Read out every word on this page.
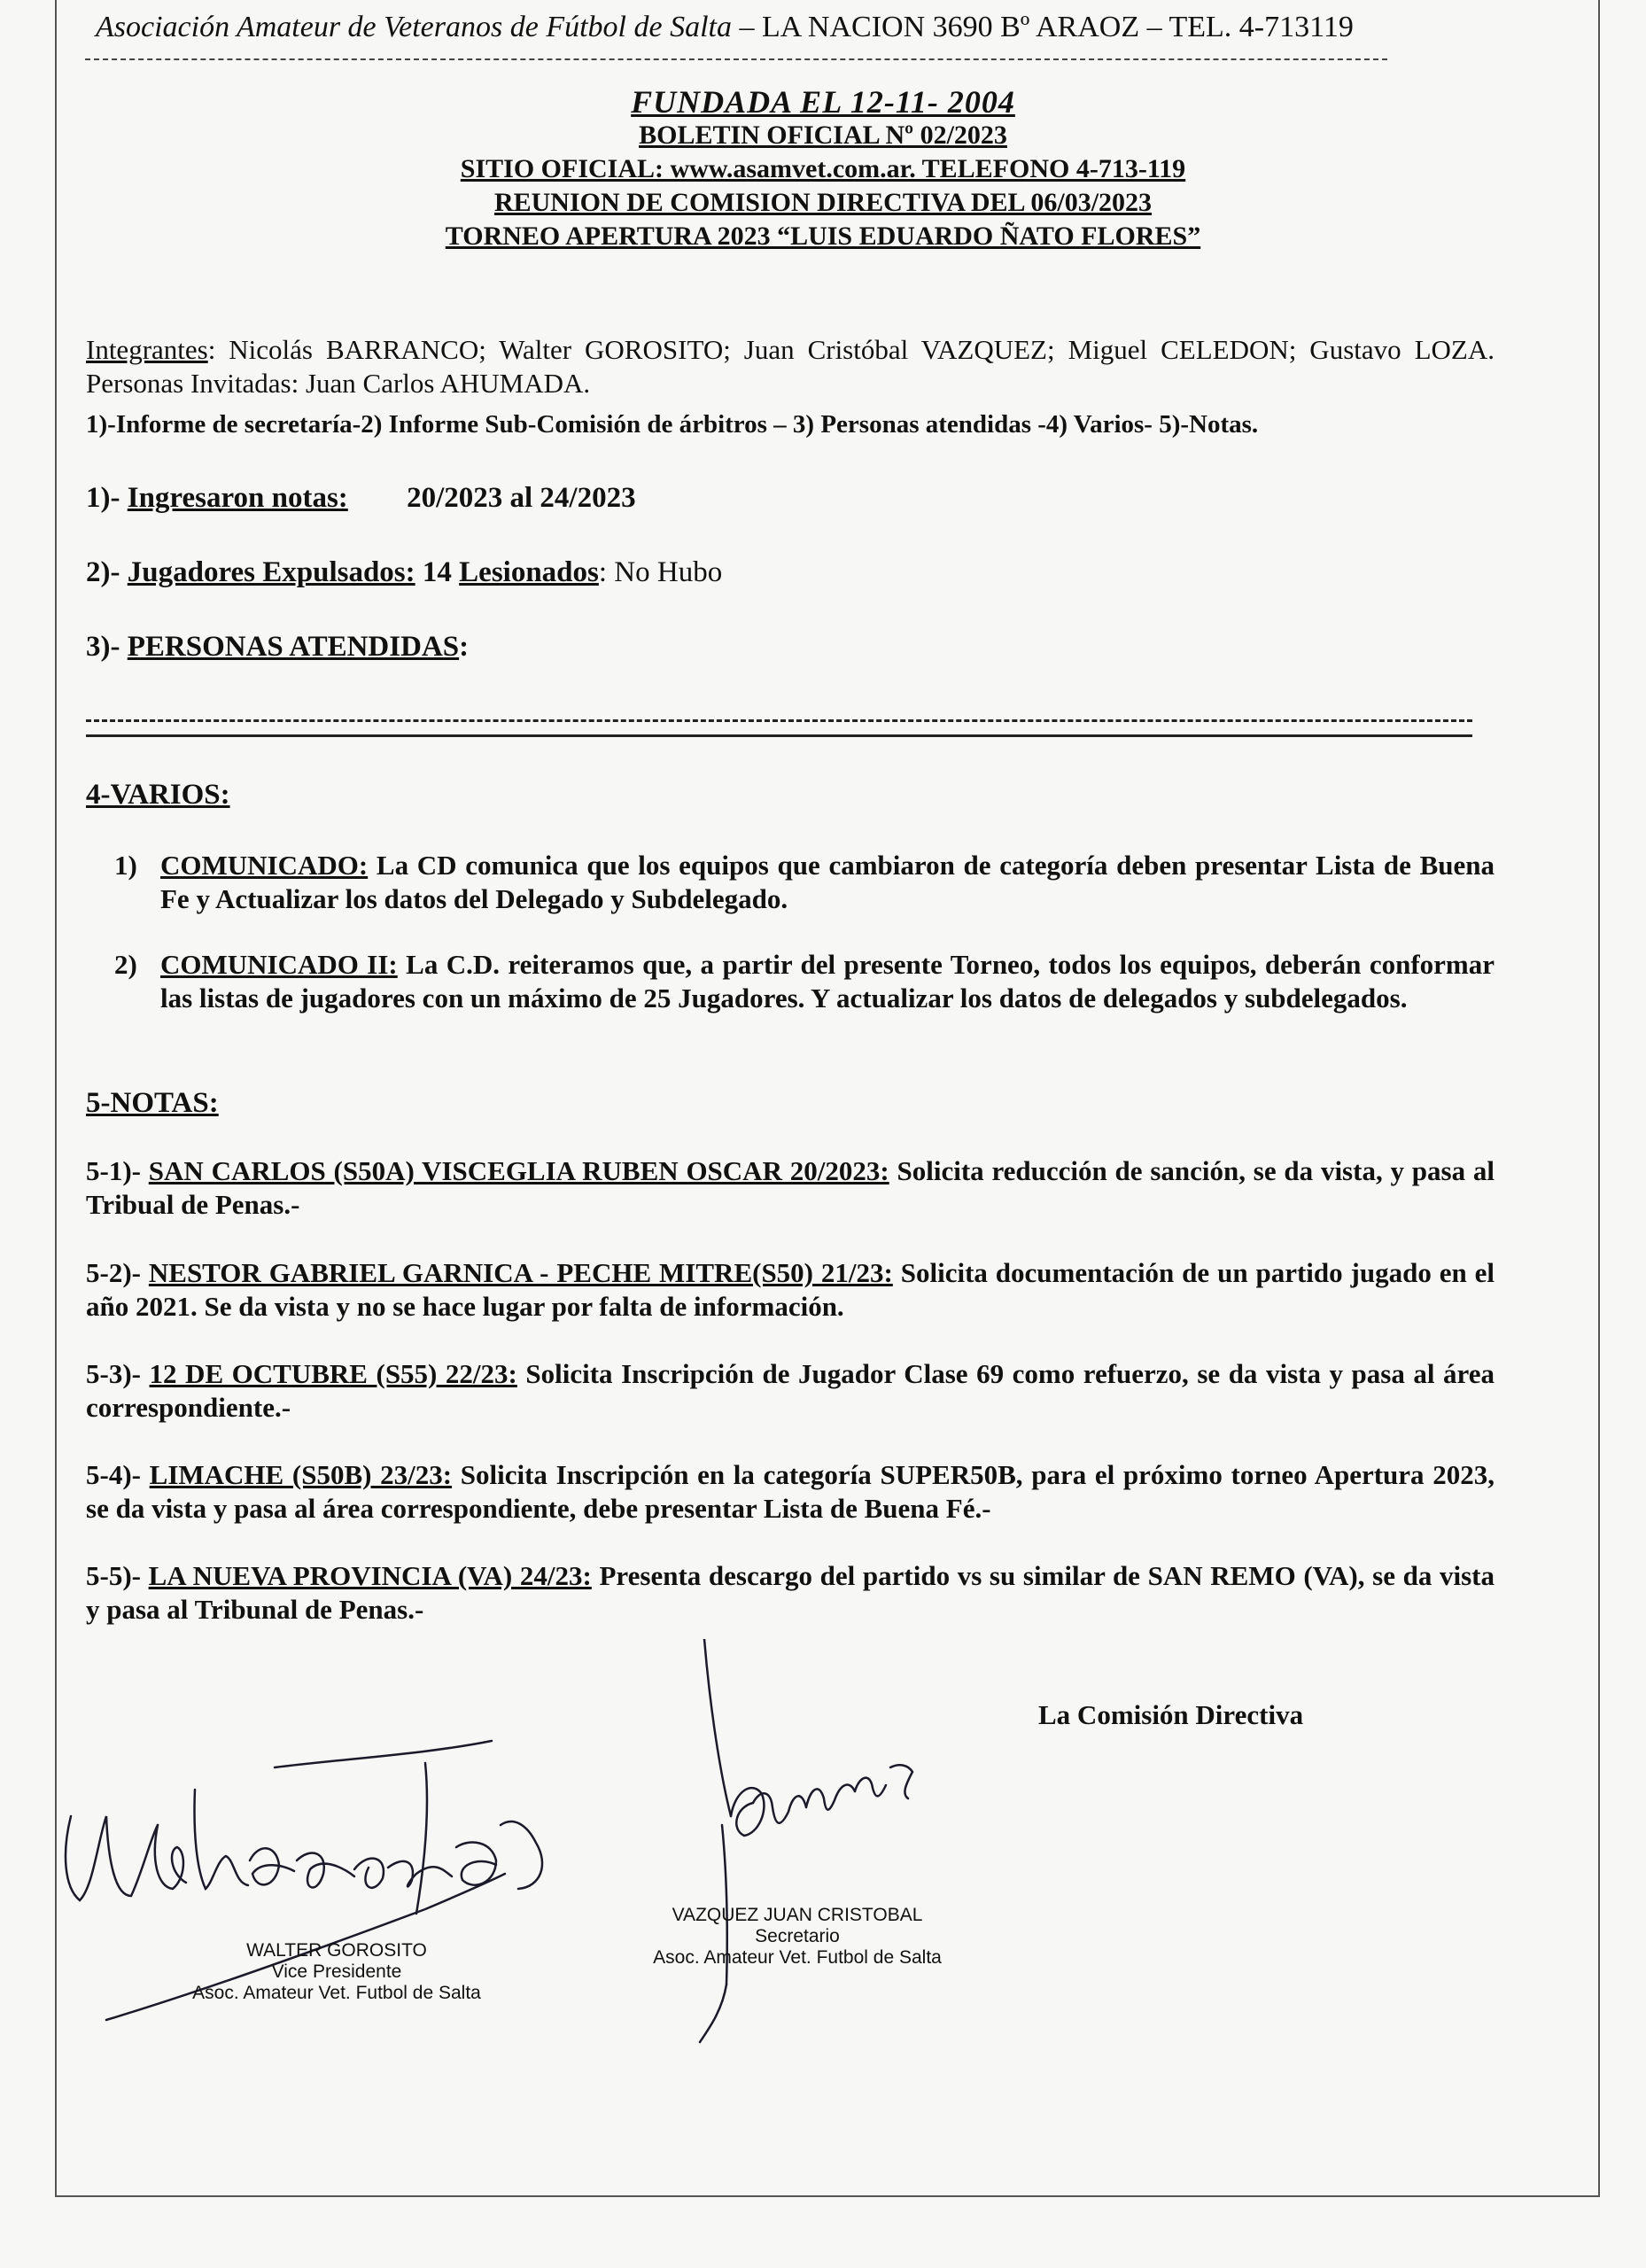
Asociación Amateur de Veteranos de Fútbol de Salta – LA NACION 3690 Bº ARAOZ – TEL. 4-713119
FUNDADA EL 12-11- 2004
BOLETIN OFICIAL Nº 02/2023
SITIO OFICIAL: www.asamvet.com.ar. TELEFONO 4-713-119
REUNION DE COMISION DIRECTIVA DEL 06/03/2023
TORNEO APERTURA 2023 “LUIS EDUARDO ÑATO FLORES”
Integrantes: Nicolás BARRANCO; Walter GOROSITO; Juan Cristóbal VAZQUEZ; Miguel CELEDON; Gustavo LOZA. Personas Invitadas: Juan Carlos AHUMADA.
1)-Informe de secretaría-2) Informe Sub-Comisión de árbitros – 3) Personas atendidas -4) Varios- 5)-Notas.
1)- Ingresaron notas: 20/2023 al 24/2023
2)- Jugadores Expulsados: 14 Lesionados: No Hubo
3)- PERSONAS ATENDIDAS:
4-VARIOS:
1) COMUNICADO: La CD comunica que los equipos que cambiaron de categoría deben presentar Lista de Buena Fe y Actualizar los datos del Delegado y Subdelegado.
2) COMUNICADO II: La C.D. reiteramos que, a partir del presente Torneo, todos los equipos, deberán conformar las listas de jugadores con un máximo de 25 Jugadores. Y actualizar los datos de delegados y subdelegados.
5-NOTAS:
5-1)- SAN CARLOS (S50A) VISCEGLIA RUBEN OSCAR 20/2023: Solicita reducción de sanción, se da vista, y pasa al Tribual de Penas.-
5-2)- NESTOR GABRIEL GARNICA - PECHE MITRE(S50) 21/23: Solicita documentación de un partido jugado en el año 2021. Se da vista y no se hace lugar por falta de información.
5-3)- 12 DE OCTUBRE (S55) 22/23: Solicita Inscripción de Jugador Clase 69 como refuerzo, se da vista y pasa al área correspondiente.-
5-4)- LIMACHE (S50B) 23/23: Solicita Inscripción en la categoría SUPER50B, para el próximo torneo Apertura 2023, se da vista y pasa al área correspondiente, debe presentar Lista de Buena Fé.-
5-5)- LA NUEVA PROVINCIA (VA) 24/23: Presenta descargo del partido vs su similar de SAN REMO (VA), se da vista y pasa al Tribunal de Penas.-
La Comisión Directiva
WALTER GOROSITO
Vice Presidente
Asoc. Amateur Vet. Futbol de Salta
VAZQUEZ JUAN CRISTOBAL
Secretario
Asoc. Amateur Vet. Futbol de Salta
